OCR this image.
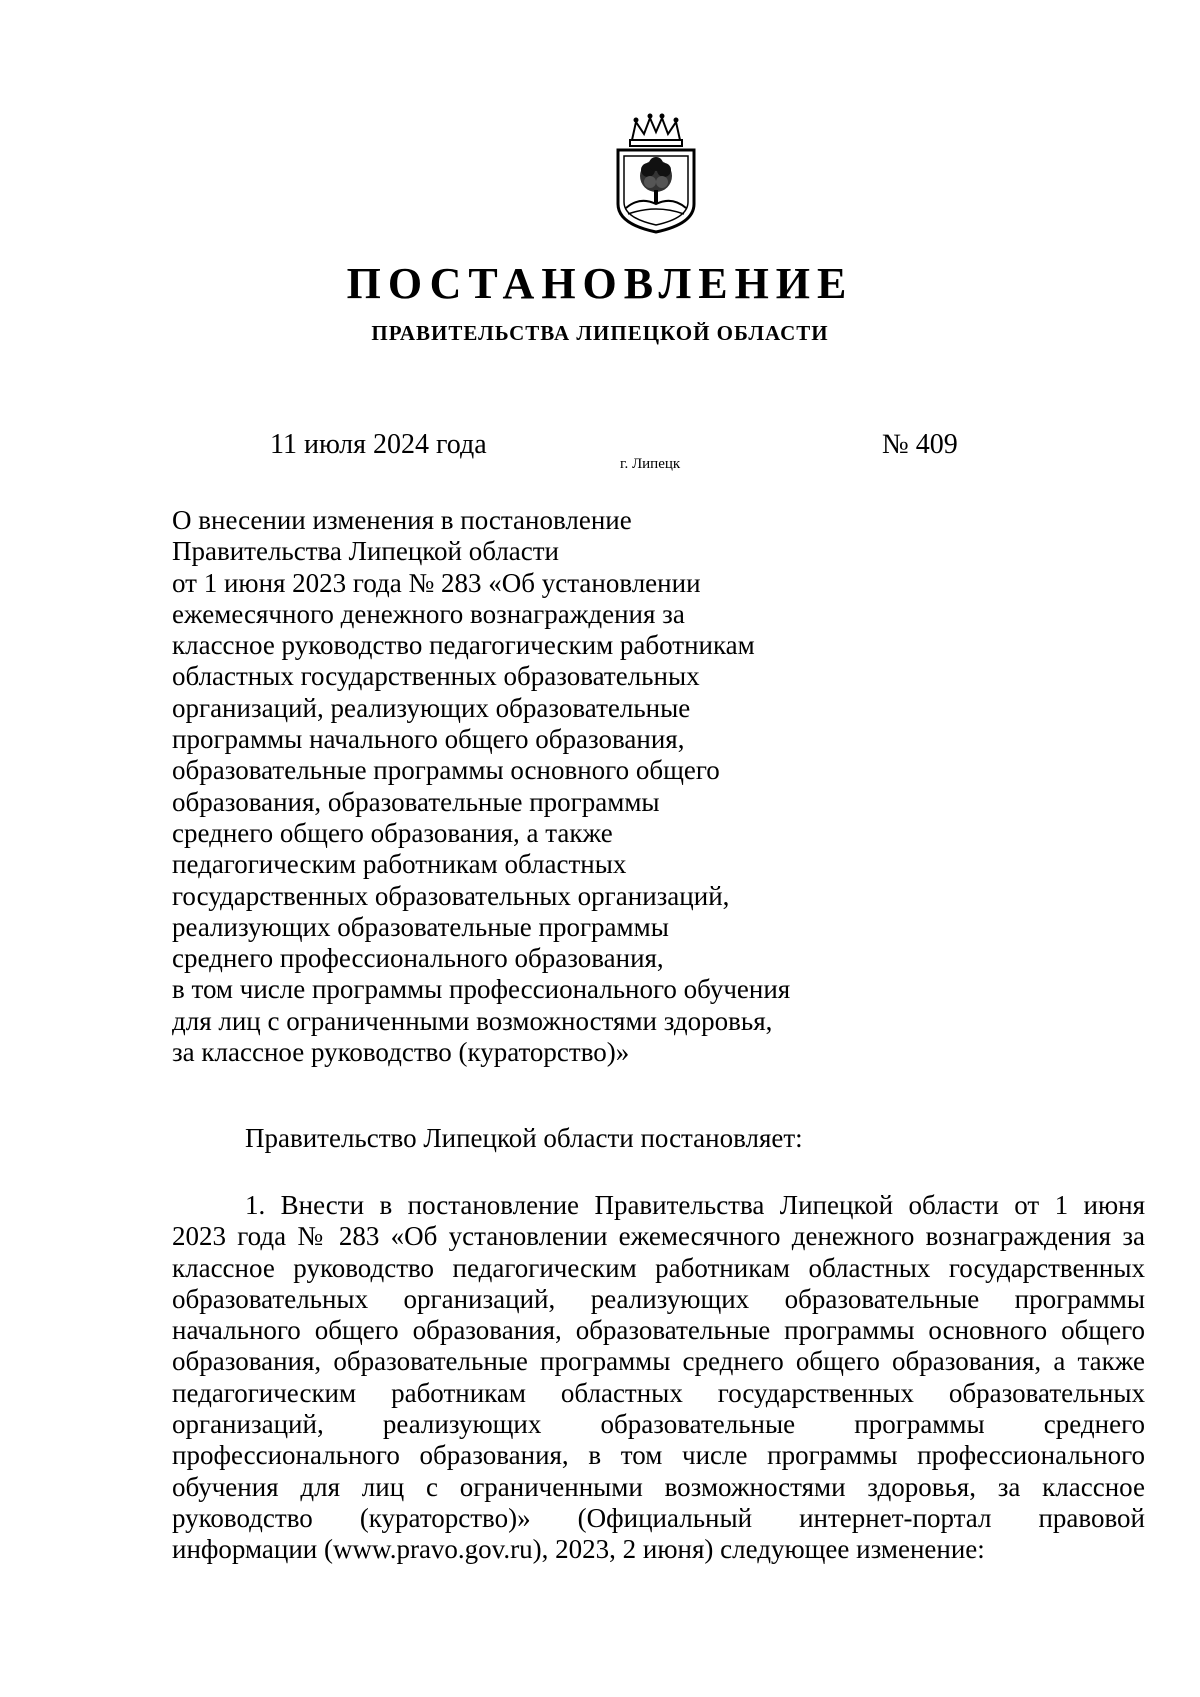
ПОСТАНОВЛЕНИЕ
ПРАВИТЕЛЬСТВА ЛИПЕЦКОЙ ОБЛАСТИ
11 июля 2024 года
г. Липецк
№ 409
О внесении изменения в постановление
Правительства Липецкой области
от 1 июня 2023 года № 283 «Об установлении
ежемесячного денежного вознаграждения за
классное руководство педагогическим работникам
областных государственных образовательных
организаций, реализующих образовательные
программы начального общего образования,
образовательные программы основного общего
образования, образовательные программы
среднего общего образования, а также
педагогическим работникам областных
государственных образовательных организаций,
реализующих образовательные программы
среднего профессионального образования,
в том числе программы профессионального обучения
для лиц с ограниченными возможностями здоровья,
за классное руководство (кураторство)»
Правительство Липецкой области постановляет:
1. Внести в постановление Правительства Липецкой области от 1 июня
2023 года № 283 «Об установлении ежемесячного денежного вознаграждения за
классное руководство педагогическим работникам областных государственных
образовательных организаций, реализующих образовательные программы
начального общего образования, образовательные программы основного общего
образования, образовательные программы среднего общего образования, а также
педагогическим работникам областных государственных образовательных
организаций, реализующих образовательные программы среднего
профессионального образования, в том числе программы профессионального
обучения для лиц с ограниченными возможностями здоровья, за классное
руководство (кураторство)» (Официальный интернет-портал правовой
информации (www.pravo.gov.ru), 2023, 2 июня) следующее изменение:
